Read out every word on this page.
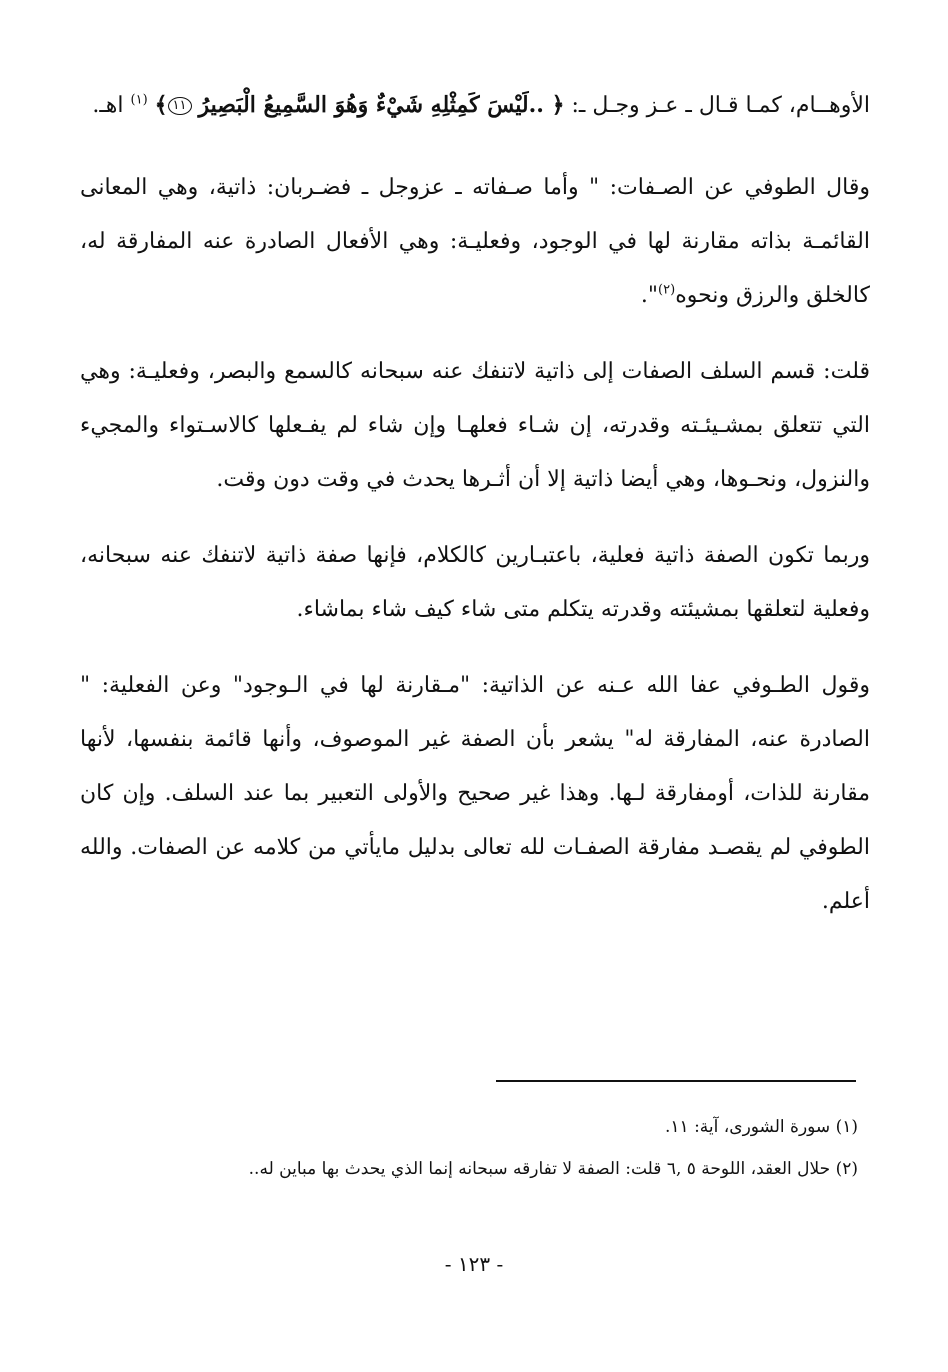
الأوهــام، كمـا قـال ـ عـز وجـل ـ: ﴿ ..لَيْسَ كَمِثْلِهِ شَيْءٌ وَهُوَ السَّمِيعُ الْبَصِيرُ ١١﴾ $^{(١)}$ اهـ.

وقال الطوفي عن الصـفات: " وأما صـفاته ـ عزوجل ـ فضـربان: ذاتية، وهي المعانى القائمـة بذاته مقارنة لها في الوجود، وفعليـة: وهي الأفعال الصادرة عنه المفارقة له، كالخلق والرزق ونحوه$^{(٢)}$".

قلت: قسم السلف الصفات إلى ذاتية لاتنفك عنه سبحانه كالسمع والبصر، وفعليـة: وهي التي تتعلق بمشـيئـته وقدرته، إن شـاء فعلهـا وإن شاء لم يفـعلها كالاسـتواء والمجيء والنزول، ونحـوها، وهي أيضا ذاتية إلا أن أثـرها يحدث في وقت دون وقت.

وربما تكون الصفة ذاتية فعلية، باعتبـارين كالكلام، فإنها صفة ذاتية لاتنفك عنه سبحانه، وفعلية لتعلقها بمشيئته وقدرته يتكلم متى شاء كيف شاء بماشاء.

وقول الطـوفي عفا الله عـنه عن الذاتية: "مـقارنة لها في الـوجود" وعن الفعلية: " الصادرة عنه، المفارقة له" يشعر بأن الصفة غير الموصوف، وأنها قائمة بنفسها، لأنها مقارنة للذات، أومفارقة لـها. وهذا غير صحيح والأولى التعبير بما عند السلف. وإن كان الطوفي لم يقصـد مفارقة الصفـات لله تعالى بدليل مايأتي من كلامه عن الصفات. والله أعلم.

(١) سورة الشورى، آية: ١١.

(٢) حلال العقد، اللوحة ٥ ,٦ قلت: الصفة لا تفارقه سبحانه إنما الذي يحدث بها مباين له..

- ١٢٣ -
